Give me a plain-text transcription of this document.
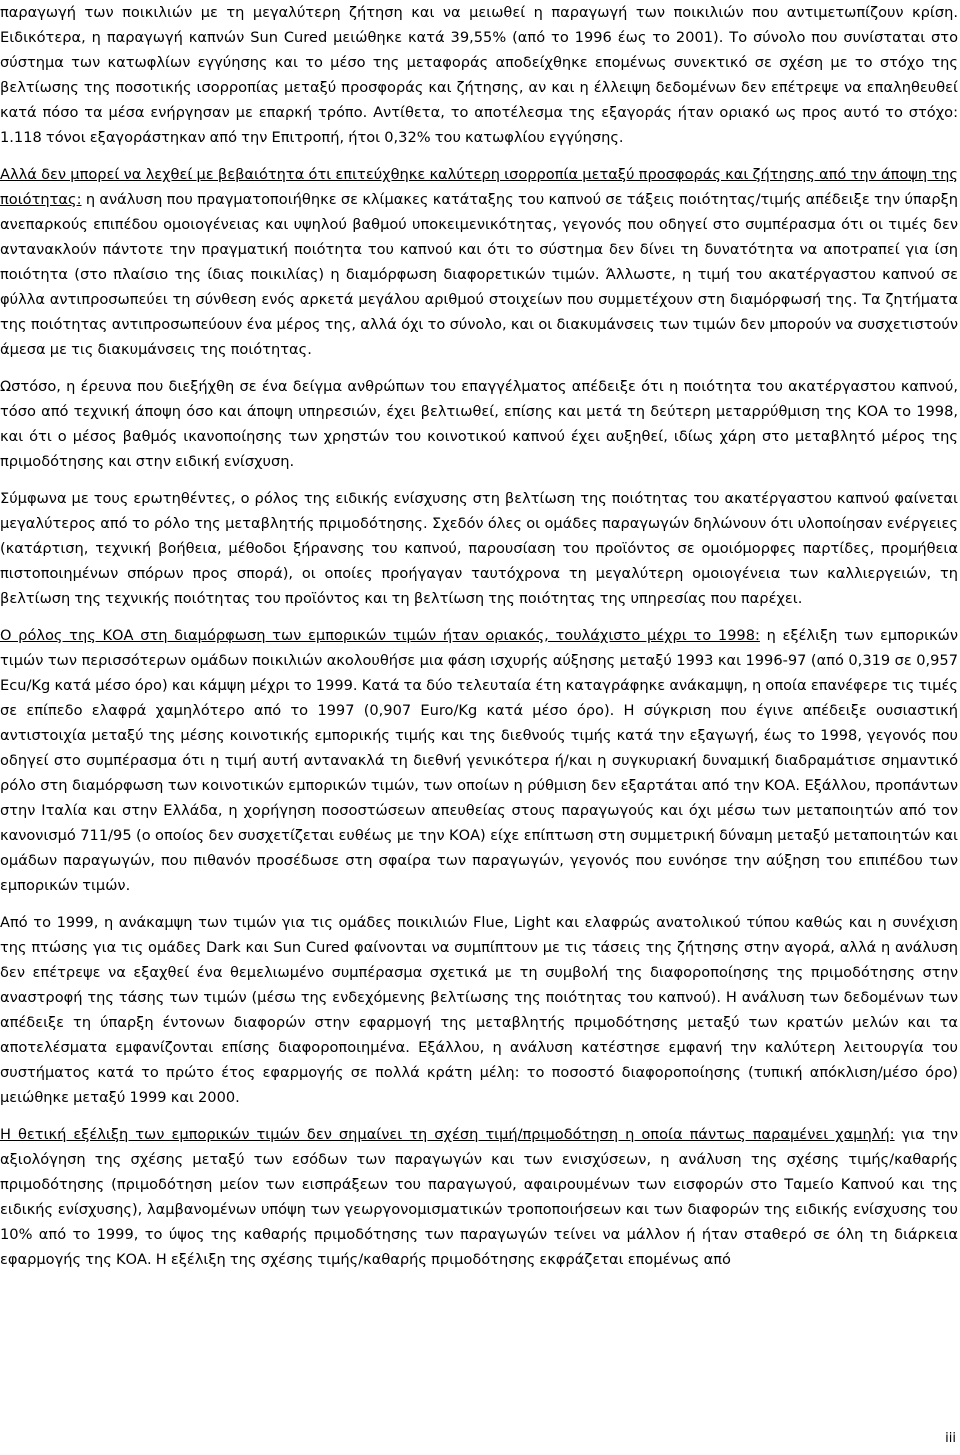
παραγωγή των ποικιλιών με τη μεγαλύτερη ζήτηση και να μειωθεί η παραγωγή των ποικιλιών που αντιμετωπίζουν κρίση. Ειδικότερα, η παραγωγή καπνών Sun Cured μειώθηκε κατά 39,55% (από το 1996 έως το 2001). Το σύνολο που συνίσταται στο σύστημα των κατωφλίων εγγύησης και το μέσο της μεταφοράς αποδείχθηκε επομένως συνεκτικό σε σχέση με το στόχο της βελτίωσης της ποσοτικής ισορροπίας μεταξύ προσφοράς και ζήτησης, αν και η έλλειψη δεδομένων δεν επέτρεψε να επαληθευθεί κατά πόσο τα μέσα ενήργησαν με επαρκή τρόπο. Αντίθετα, το αποτέλεσμα της εξαγοράς ήταν οριακό ως προς αυτό το στόχο: 1.118 τόνοι εξαγοράστηκαν από την Επιτροπή, ήτοι 0,32% του κατωφλίου εγγύησης.

Αλλά δεν μπορεί να λεχθεί με βεβαιότητα ότι επιτεύχθηκε καλύτερη ισορροπία μεταξύ προσφοράς και ζήτησης από την άποψη της ποιότητας: η ανάλυση που πραγματοποιήθηκε σε κλίμακες κατάταξης του καπνού σε τάξεις ποιότητας/τιμής απέδειξε την ύπαρξη ανεπαρκούς επιπέδου ομοιογένειας και υψηλού βαθμού υποκειμενικότητας, γεγονός που οδηγεί στο συμπέρασμα ότι οι τιμές δεν αντανακλούν πάντοτε την πραγματική ποιότητα του καπνού και ότι το σύστημα δεν δίνει τη δυνατότητα να αποτραπεί για ίση ποιότητα (στο πλαίσιο της ίδιας ποικιλίας) η διαμόρφωση διαφορετικών τιμών. Άλλωστε, η τιμή του ακατέργαστου καπνού σε φύλλα αντιπροσωπεύει τη σύνθεση ενός αρκετά μεγάλου αριθμού στοιχείων που συμμετέχουν στη διαμόρφωσή της. Τα ζητήματα της ποιότητας αντιπροσωπεύουν ένα μέρος της, αλλά όχι το σύνολο, και οι διακυμάνσεις των τιμών δεν μπορούν να συσχετιστούν άμεσα με τις διακυμάνσεις της ποιότητας.

Ωστόσο, η έρευνα που διεξήχθη σε ένα δείγμα ανθρώπων του επαγγέλματος απέδειξε ότι η ποιότητα του ακατέργαστου καπνού, τόσο από τεχνική άποψη όσο και άποψη υπηρεσιών, έχει βελτιωθεί, επίσης και μετά τη δεύτερη μεταρρύθμιση της ΚΟΑ το 1998, και ότι ο μέσος βαθμός ικανοποίησης των χρηστών του κοινοτικού καπνού έχει αυξηθεί, ιδίως χάρη στο μεταβλητό μέρος της πριμοδότησης και στην ειδική ενίσχυση.

Σύμφωνα με τους ερωτηθέντες, ο ρόλος της ειδικής ενίσχυσης στη βελτίωση της ποιότητας του ακατέργαστου καπνού φαίνεται μεγαλύτερος από το ρόλο της μεταβλητής πριμοδότησης. Σχεδόν όλες οι ομάδες παραγωγών δηλώνουν ότι υλοποίησαν ενέργειες (κατάρτιση, τεχνική βοήθεια, μέθοδοι ξήρανσης του καπνού, παρουσίαση του προϊόντος σε ομοιόμορφες παρτίδες, προμήθεια πιστοποιημένων σπόρων προς σπορά), οι οποίες προήγαγαν ταυτόχρονα τη μεγαλύτερη ομοιογένεια των καλλιεργειών, τη βελτίωση της τεχνικής ποιότητας του προϊόντος και τη βελτίωση της ποιότητας της υπηρεσίας που παρέχει.

Ο ρόλος της ΚΟΑ στη διαμόρφωση των εμπορικών τιμών ήταν οριακός, τουλάχιστο μέχρι το 1998: η εξέλιξη των εμπορικών τιμών των περισσότερων ομάδων ποικιλιών ακολουθήσε μια φάση ισχυρής αύξησης μεταξύ 1993 και 1996-97 (από 0,319 σε 0,957 Ecu/Kg κατά μέσο όρο) και κάμψη μέχρι το 1999. Κατά τα δύο τελευταία έτη καταγράφηκε ανάκαμψη, η οποία επανέφερε τις τιμές σε επίπεδο ελαφρά χαμηλότερο από το 1997 (0,907 Euro/Kg κατά μέσο όρο). Η σύγκριση που έγινε απέδειξε ουσιαστική αντιστοιχία μεταξύ της μέσης κοινοτικής εμπορικής τιμής και της διεθνούς τιμής κατά την εξαγωγή, έως το 1998, γεγονός που οδηγεί στο συμπέρασμα ότι η τιμή αυτή αντανακλά τη διεθνή γενικότερα ή/και η συγκυριακή δυναμική διαδραμάτισε σημαντικό ρόλο στη διαμόρφωση των κοινοτικών εμπορικών τιμών, των οποίων η ρύθμιση δεν εξαρτάται από την ΚΟΑ. Εξάλλου, προπάντων στην Ιταλία και στην Ελλάδα, η χορήγηση ποσοστώσεων απευθείας στους παραγωγούς και όχι μέσω των μεταποιητών από τον κανονισμό 711/95 (ο οποίος δεν συσχετίζεται ευθέως με την ΚΟΑ) είχε επίπτωση στη συμμετρική δύναμη μεταξύ μεταποιητών και ομάδων παραγωγών, που πιθανόν προσέδωσε στη σφαίρα των παραγωγών, γεγονός που ευνόησε την αύξηση του επιπέδου των εμπορικών τιμών.

Από το 1999, η ανάκαμψη των τιμών για τις ομάδες ποικιλιών Flue, Light και ελαφρώς ανατολικού τύπου καθώς και η συνέχιση της πτώσης για τις ομάδες Dark και Sun Cured φαίνονται να συμπίπτουν με τις τάσεις της ζήτησης στην αγορά, αλλά η ανάλυση δεν επέτρεψε να εξαχθεί ένα θεμελιωμένο συμπέρασμα σχετικά με τη συμβολή της διαφοροποίησης της πριμοδότησης στην αναστροφή της τάσης των τιμών (μέσω της ενδεχόμενης βελτίωσης της ποιότητας του καπνού). Η ανάλυση των δεδομένων των απέδειξε τη ύπαρξη έντονων διαφορών στην εφαρμογή της μεταβλητής πριμοδότησης μεταξύ των κρατών μελών και τα αποτελέσματα εμφανίζονται επίσης διαφοροποιημένα. Εξάλλου, η ανάλυση κατέστησε εμφανή την καλύτερη λειτουργία του συστήματος κατά το πρώτο έτος εφαρμογής σε πολλά κράτη μέλη: το ποσοστό διαφοροποίησης (τυπική απόκλιση/μέσο όρο) μειώθηκε μεταξύ 1999 και 2000.

Η θετική εξέλιξη των εμπορικών τιμών δεν σημαίνει τη σχέση τιμή/πριμοδότηση η οποία πάντως παραμένει χαμηλή: για την αξιολόγηση της σχέσης μεταξύ των εσόδων των παραγωγών και των ενισχύσεων, η ανάλυση της σχέσης τιμής/καθαρής πριμοδότησης (πριμοδότηση μείον των εισπράξεων του παραγωγού, αφαιρουμένων των εισφορών στο Ταμείο Καπνού και της ειδικής ενίσχυσης), λαμβανομένων υπόψη των γεωργονομισματικών τροποποιήσεων και των διαφορών της ειδικής ενίσχυσης του 10% από το 1999, το ύψος της καθαρής πριμοδότησης των παραγωγών τείνει να μάλλον ή ήταν σταθερό σε όλη τη διάρκεια εφαρμογής της ΚΟΑ. Η εξέλιξη της σχέσης τιμής/καθαρής πριμοδότησης εκφράζεται επομένως από

iii
